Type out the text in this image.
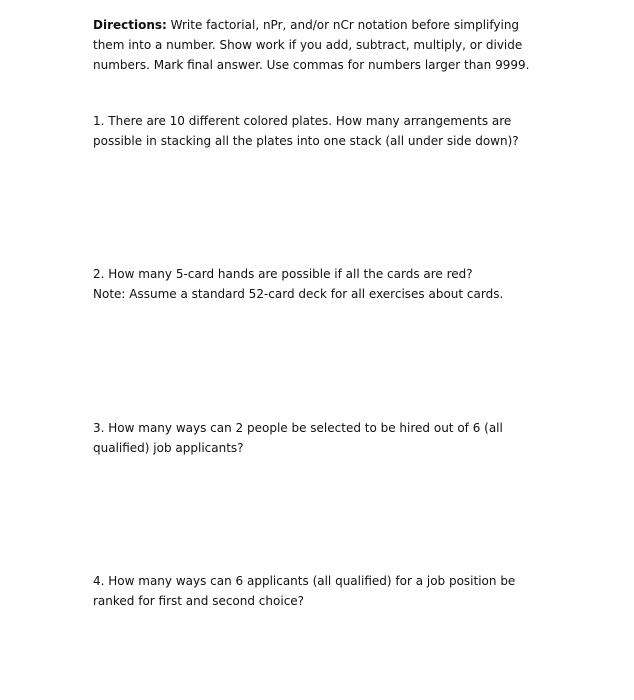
Directions: Write factorial, nPr, and/or nCr notation before simplifying
them into a number. Show work if you add, subtract, multiply, or divide
numbers. Mark final answer. Use commas for numbers larger than 9999.
1. There are 10 different colored plates. How many arrangements are
possible in stacking all the plates into one stack (all under side down)?
2. How many 5-card hands are possible if all the cards are red?
Note: Assume a standard 52-card deck for all exercises about cards.
3. How many ways can 2 people be selected to be hired out of 6 (all
qualified) job applicants?
4. How many ways can 6 applicants (all qualified) for a job position be
ranked for first and second choice?
